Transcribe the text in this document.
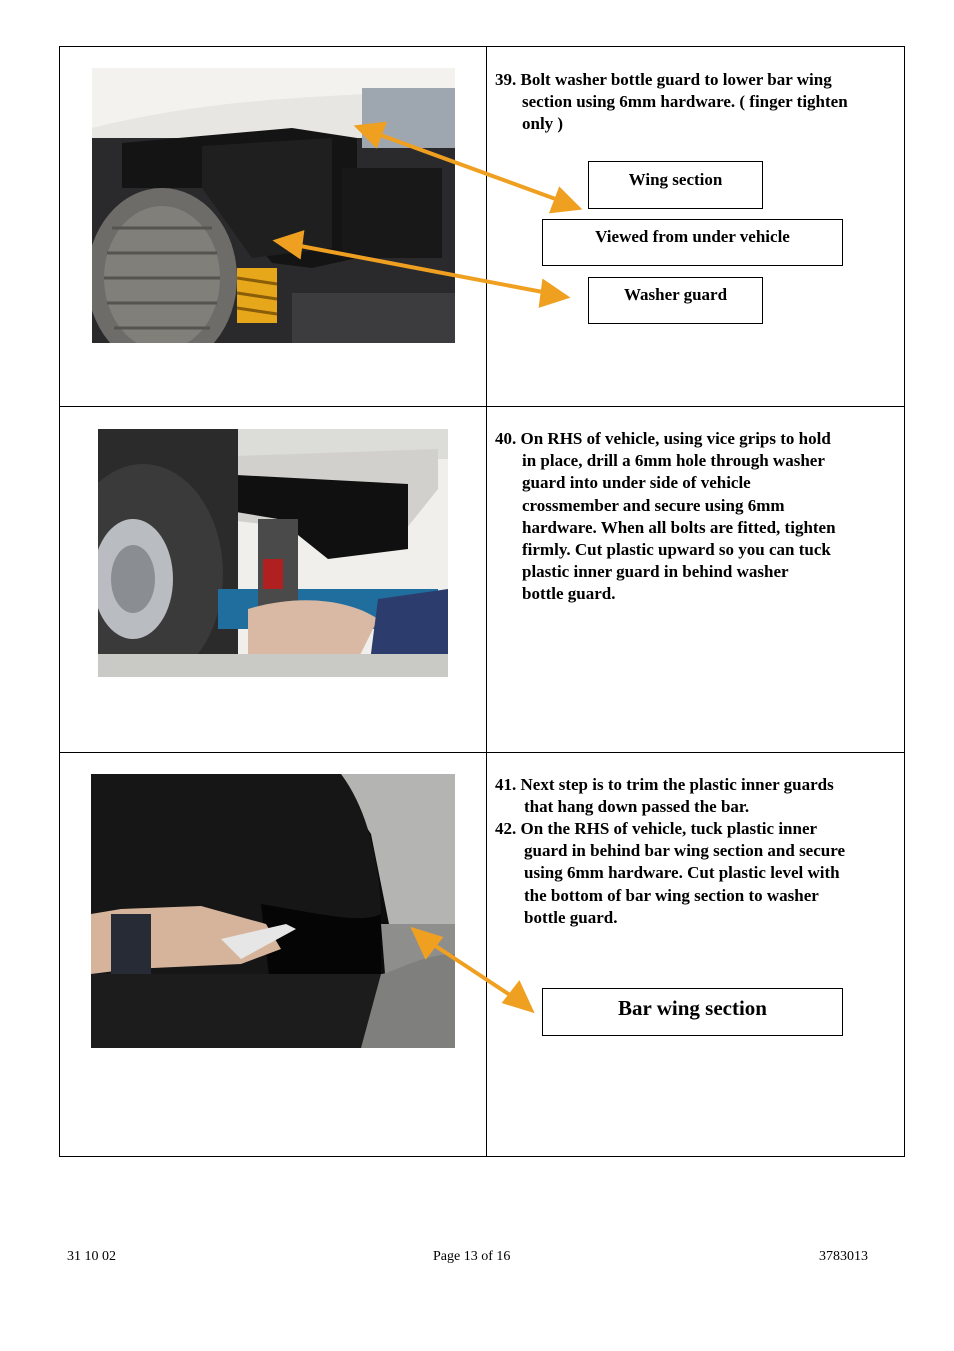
39. Bolt washer bottle guard to lower bar wing
section using 6mm hardware. ( finger tighten
only )
Wing section
Viewed from under vehicle
Washer guard
40. On RHS of vehicle, using vice grips to hold
in place, drill a 6mm hole through washer
guard into under side of vehicle
crossmember and secure using 6mm
hardware. When all bolts are fitted, tighten
firmly. Cut plastic upward so you can tuck
plastic inner guard in behind washer
bottle guard.
41. Next step is to trim the plastic inner guards
that hang down passed the bar.
42. On the RHS of vehicle, tuck plastic inner
guard in behind bar wing section and secure
using 6mm hardware. Cut plastic level with
the bottom of bar wing section to washer
bottle guard.
Bar wing section
31 10 02	Page 13 of 16	3783013
